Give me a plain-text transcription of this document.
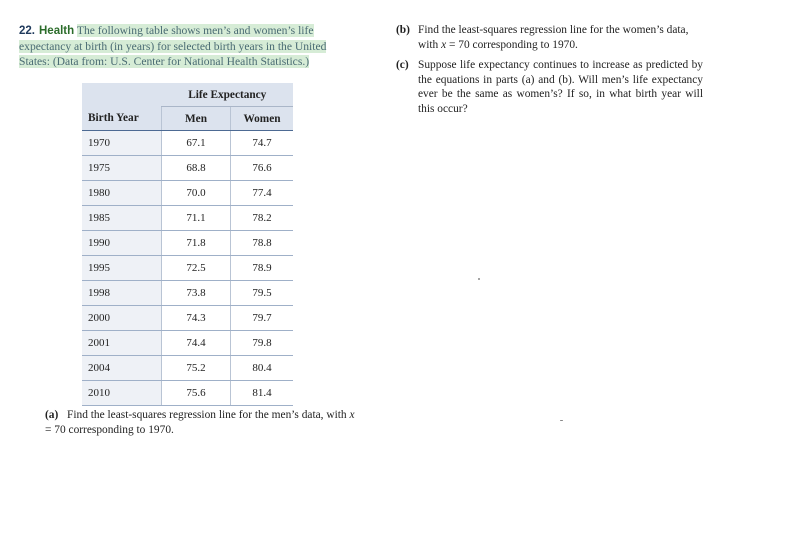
22. Health The following table shows men’s and women’s life expectancy at birth (in years) for selected birth years in the United States: (Data from: U.S. Center for National Health Statistics.)
	Life Expectancy	
Birth Year	Men	Women
1970	67.1	74.7
1975	68.8	76.6
1980	70.0	77.4
1985	71.1	78.2
1990	71.8	78.8
1995	72.5	78.9
1998	73.8	79.5
2000	74.3	79.7
2001	74.4	79.8
2004	75.2	80.4
2010	75.6	81.4
(a) Find the least-squares regression line for the men’s data, with x = 70 corresponding to 1970.
(b) Find the least-squares regression line for the women’s data, with x = 70 corresponding to 1970.
(c) Suppose life expectancy continues to increase as predicted by the equations in parts (a) and (b). Will men’s life expectancy ever be the same as women’s? If so, in what birth year will this occur?
